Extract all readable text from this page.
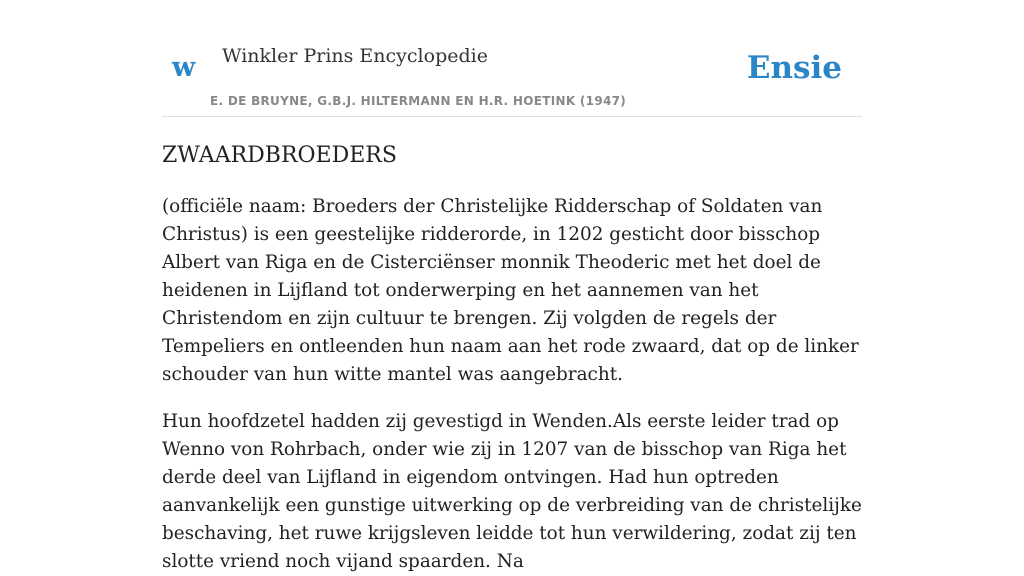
w Winkler Prins Encyclopedie
E. DE BRUYNE, G.B.J. HILTERMANN EN H.R. HOETINK (1947)
Ensie
ZWAARDBROEDERS

(officiële naam: Broeders der Christelijke Ridderschap of Soldaten van Christus) is een geestelijke ridderorde, in 1202 gesticht door bisschop Albert van Riga en de Cisterciënser monnik Theoderic met het doel de heidenen in Lijfland tot onderwerping en het aannemen van het Christendom en zijn cultuur te brengen. Zij volgden de regels der Tempeliers en ontleenden hun naam aan het rode zwaard, dat op de linker schouder van hun witte mantel was aangebracht.

Hun hoofdzetel hadden zij gevestigd in Wenden.Als eerste leider trad op Wenno von Rohrbach, onder wie zij in 1207 van de bisschop van Riga het derde deel van Lijfland in eigendom ontvingen. Had hun optreden aanvankelijk een gunstige uitwerking op de verbreiding van de christelijke beschaving, het ruwe krijgsleven leidde tot hun verwildering, zodat zij ten slotte vriend noch vijand spaarden. Na
